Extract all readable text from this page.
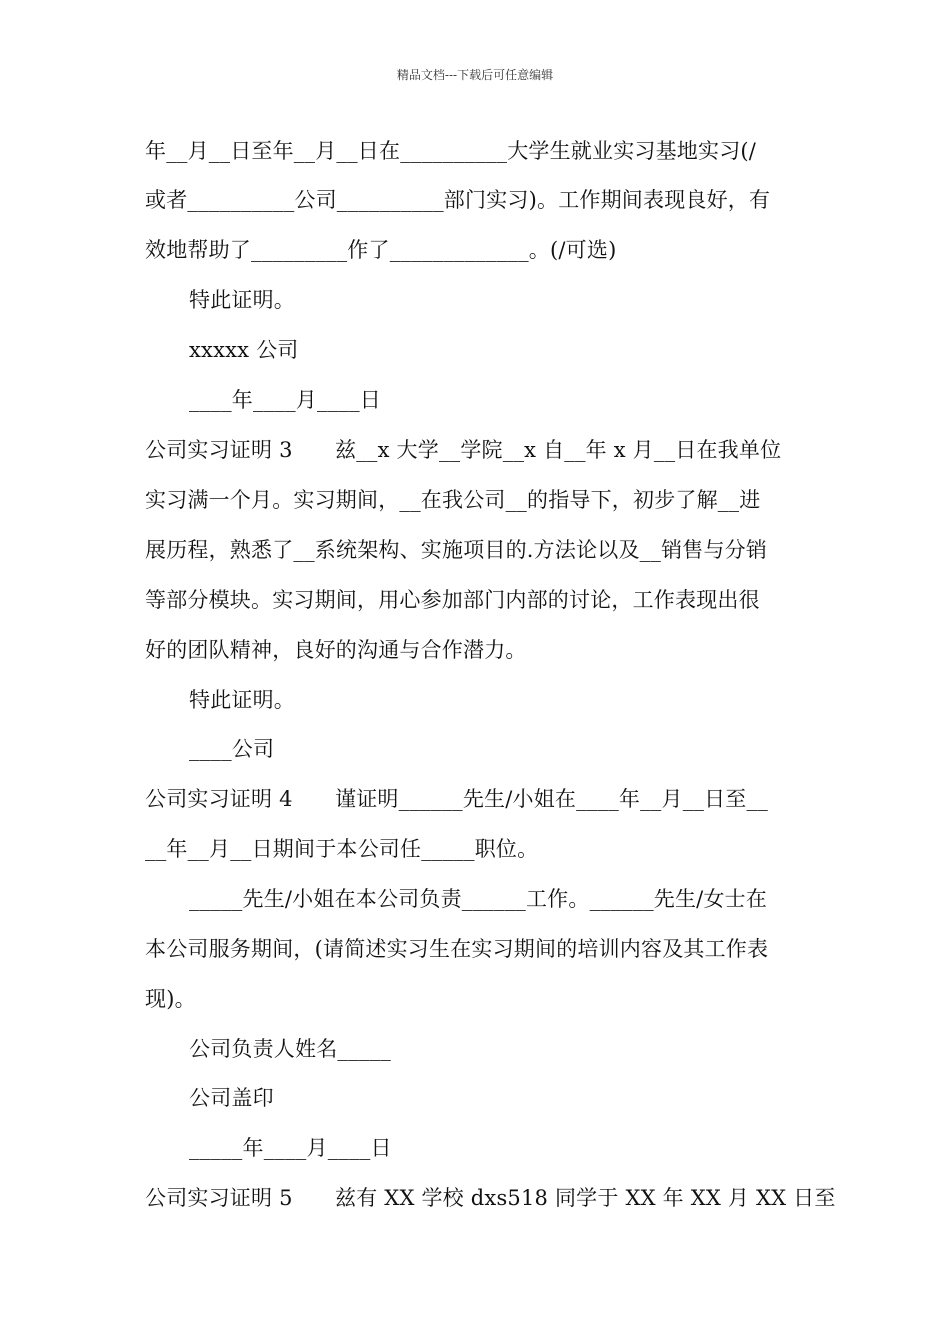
精品文档---下载后可任意编辑
年__月__日至年__月__日在__________大学生就业实习基地实习(/
或者__________公司__________部门实习)。工作期间表现良好，有
效地帮助了_________作了_____________。(/可选)
特此证明。
xxxxx 公司
____年____月____日
公司实习证明 3　　兹__x 大学__学院__x 自__年 x 月__日在我单位
实习满一个月。实习期间，__在我公司__的指导下，初步了解__进
展历程，熟悉了__系统架构、实施项目的.方法论以及__销售与分销
等部分模块。实习期间，用心参加部门内部的讨论，工作表现出很
好的团队精神，良好的沟通与合作潜力。
特此证明。
____公司
公司实习证明 4　　谨证明______先生/小姐在____年__月__日至__
__年__月__日期间于本公司任_____职位。
_____先生/小姐在本公司负责______工作。______先生/女士在
本公司服务期间，(请简述实习生在实习期间的培训内容及其工作表
现)。
公司负责人姓名_____
公司盖印
_____年____月____日
公司实习证明 5　　兹有 XX 学校 dxs518 同学于 XX 年 XX 月 XX 日至
